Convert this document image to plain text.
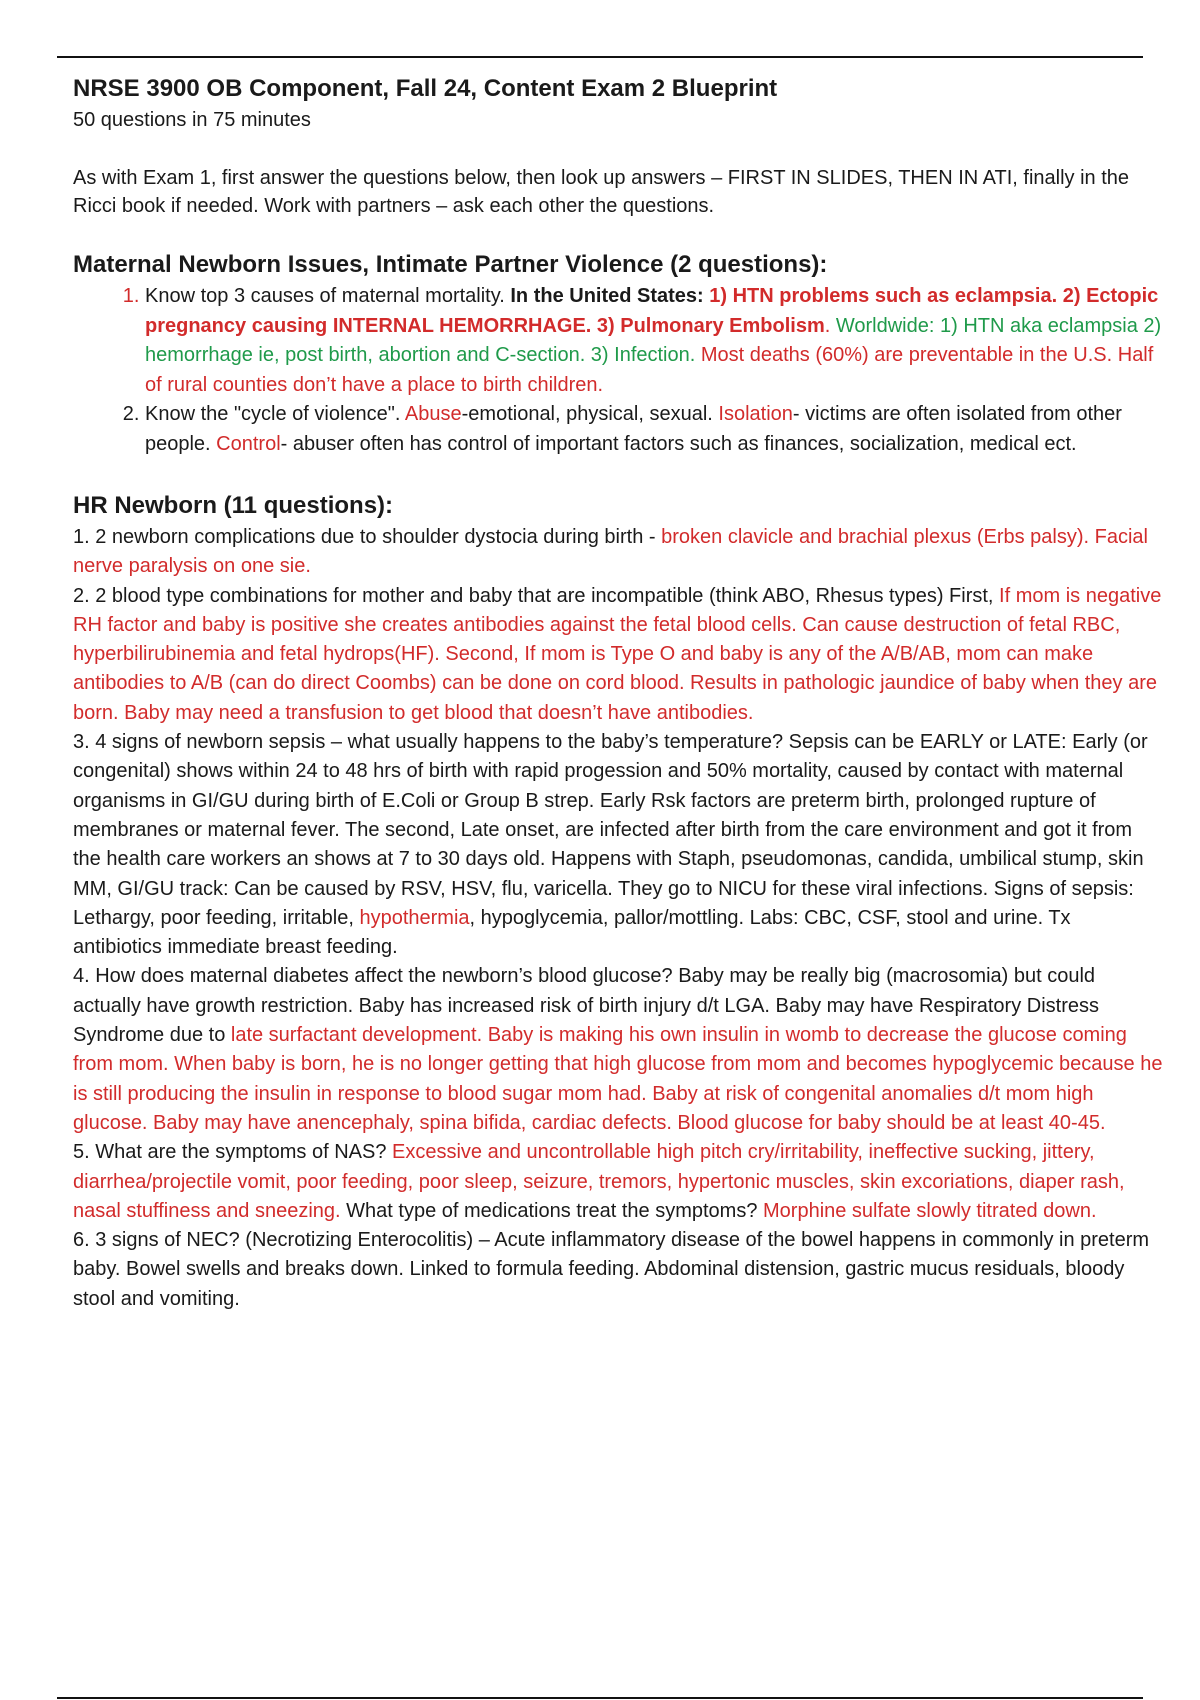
NRSE 3900 OB Component, Fall 24, Content Exam 2 Blueprint

50 questions in 75 minutes

As with Exam 1, first answer the questions below, then look up answers – FIRST IN SLIDES, THEN IN ATI, finally in the Ricci book if needed. Work with partners – ask each other the questions.

Maternal Newborn Issues, Intimate Partner Violence (2 questions):
1. Know top 3 causes of maternal mortality. In the United States: 1) HTN problems such as eclampsia. 2) Ectopic pregnancy causing INTERNAL HEMORRHAGE. 3) Pulmonary Embolism. Worldwide: 1) HTN aka eclampsia 2) hemorrhage ie, post birth, abortion and C-section. 3) Infection. Most deaths (60%) are preventable in the U.S. Half of rural counties don’t have a place to birth children.
2. Know the "cycle of violence". Abuse-emotional, physical, sexual. Isolation- victims are often isolated from other people. Control- abuser often has control of important factors such as finances, socialization, medical ect.
HR Newborn (11 questions):

1. 2 newborn complications due to shoulder dystocia during birth - broken clavicle and brachial plexus (Erbs palsy). Facial nerve paralysis on one sie.

2. 2 blood type combinations for mother and baby that are incompatible (think ABO, Rhesus types) First, If mom is negative RH factor and baby is positive she creates antibodies against the fetal blood cells. Can cause destruction of fetal RBC, hyperbilirubinemia and fetal hydrops(HF). Second, If mom is Type O and baby is any of the A/B/AB, mom can make antibodies to A/B (can do direct Coombs) can be done on cord blood. Results in pathologic jaundice of baby when they are born. Baby may need a transfusion to get blood that doesn’t have antibodies.

3. 4 signs of newborn sepsis – what usually happens to the baby’s temperature? Sepsis can be EARLY or LATE: Early (or congenital) shows within 24 to 48 hrs of birth with rapid progession and 50% mortality, caused by contact with maternal organisms in GI/GU during birth of E.Coli or Group B strep. Early Rsk factors are preterm birth, prolonged rupture of membranes or maternal fever. The second, Late onset, are infected after birth from the care environment and got it from the health care workers an shows at 7 to 30 days old. Happens with Staph, pseudomonas, candida, umbilical stump, skin MM, GI/GU track: Can be caused by RSV, HSV, flu, varicella. They go to NICU for these viral infections. Signs of sepsis: Lethargy, poor feeding, irritable, hypothermia, hypoglycemia, pallor/mottling. Labs: CBC, CSF, stool and urine. Tx antibiotics immediate breast feeding.

4. How does maternal diabetes affect the newborn’s blood glucose? Baby may be really big (macrosomia) but could actually have growth restriction. Baby has increased risk of birth injury d/t LGA. Baby may have Respiratory Distress Syndrome due to late surfactant development. Baby is making his own insulin in womb to decrease the glucose coming from mom. When baby is born, he is no longer getting that high glucose from mom and becomes hypoglycemic because he is still producing the insulin in response to blood sugar mom had. Baby at risk of congenital anomalies d/t mom high glucose. Baby may have anencephaly, spina bifida, cardiac defects. Blood glucose for baby should be at least 40-45.

5. What are the symptoms of NAS? Excessive and uncontrollable high pitch cry/irritability, ineffective sucking, jittery, diarrhea/projectile vomit, poor feeding, poor sleep, seizure, tremors, hypertonic muscles, skin excoriations, diaper rash, nasal stuffiness and sneezing. What type of medications treat the symptoms? Morphine sulfate slowly titrated down.

6. 3 signs of NEC? (Necrotizing Enterocolitis) – Acute inflammatory disease of the bowel happens in commonly in preterm baby. Bowel swells and breaks down. Linked to formula feeding. Abdominal distension, gastric mucus residuals, bloody stool and vomiting.
